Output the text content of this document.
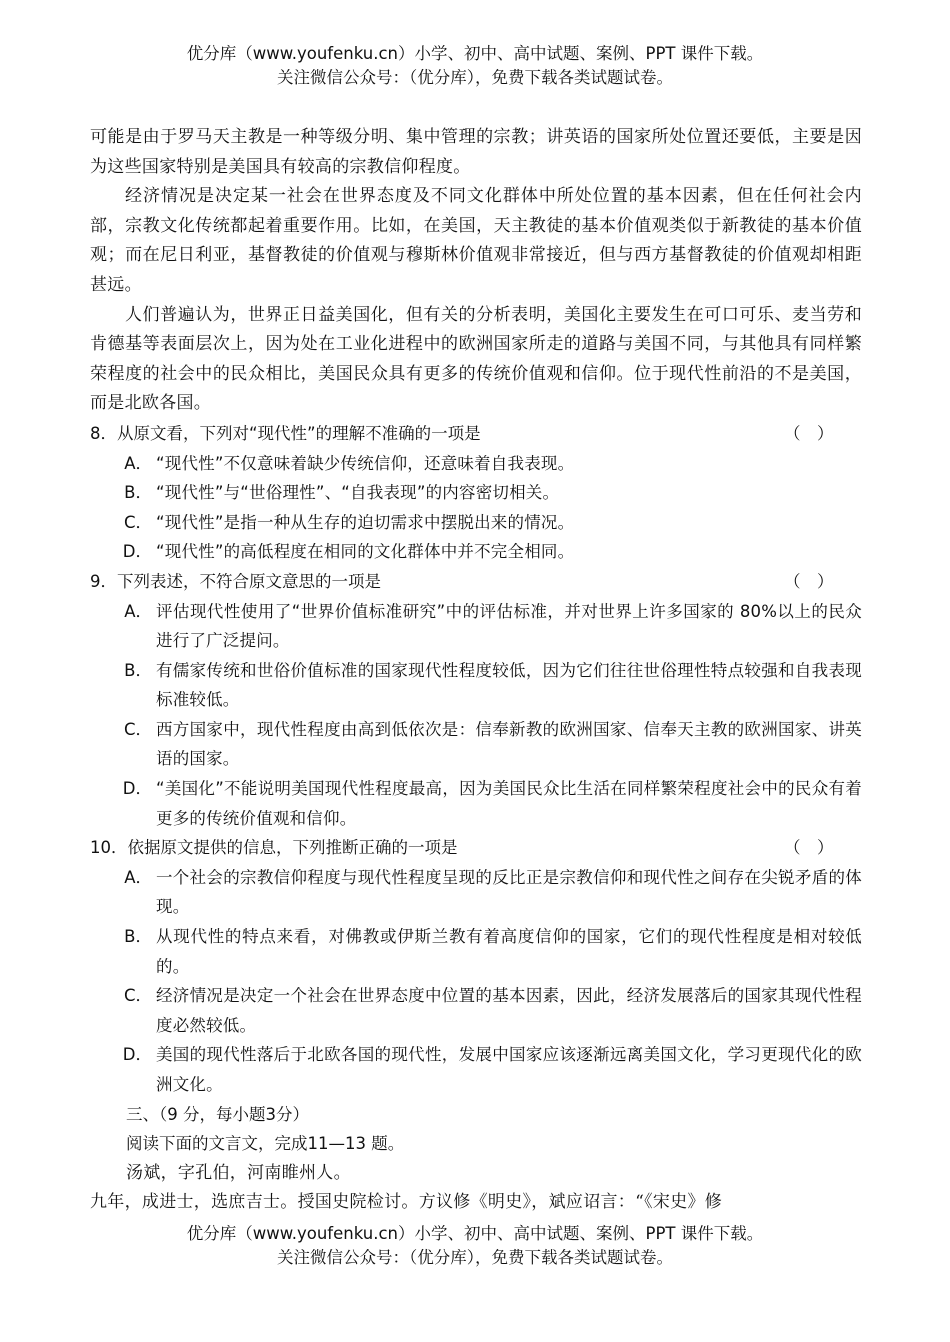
优分库（www.youfenku.cn）小学、初中、高中试题、案例、PPT 课件下载。
关注微信公众号：（优分库），免费下载各类试题试卷。

可能是由于罗马天主教是一种等级分明、集中管理的宗教；讲英语的国家所处位置还要低，主要是因为这些国家特别是美国具有较高的宗教信仰程度。

经济情况是决定某一社会在世界态度及不同文化群体中所处位置的基本因素，但在任何社会内部，宗教文化传统都起着重要作用。比如，在美国，天主教徒的基本价值观类似于新教徒的基本价值观；而在尼日利亚，基督教徒的价值观与穆斯林价值观非常接近，但与西方基督教徒的价值观却相距甚远。

人们普遍认为，世界正日益美国化，但有关的分析表明，美国化主要发生在可口可乐、麦当劳和肯德基等表面层次上，因为处在工业化进程中的欧洲国家所走的道路与美国不同，与其他具有同样繁荣程度的社会中的民众相比，美国民众具有更多的传统价值观和信仰。位于现代性前沿的不是美国，而是北欧各国。

8．从原文看，下列对“现代性”的理解不准确的一项是	（　）
A． “现代性”不仅意味着缺少传统信仰，还意味着自我表现。
B． “现代性”与“世俗理性”、“自我表现”的内容密切相关。
C． “现代性”是指一种从生存的迫切需求中摆脱出来的情况。
D． “现代性”的高低程度在相同的文化群体中并不完全相同。
9．下列表述，不符合原文意思的一项是	（　）
A． 评估现代性使用了“世界价值标准研究”中的评估标准，并对世界上许多国家的 80%以上的民众进行了广泛提问。
B． 有儒家传统和世俗价值标准的国家现代性程度较低，因为它们往往世俗理性特点较强和自我表现标准较低。
C． 西方国家中，现代性程度由高到低依次是：信奉新教的欧洲国家、信奉天主教的欧洲国家、讲英语的国家。
D． “美国化”不能说明美国现代性程度最高，因为美国民众比生活在同样繁荣程度社会中的民众有着更多的传统价值观和信仰。
10．依据原文提供的信息，下列推断正确的一项是	（　）
A． 一个社会的宗教信仰程度与现代性程度呈现的反比正是宗教信仰和现代性之间存在尖锐矛盾的体现。
B． 从现代性的特点来看，对佛教或伊斯兰教有着高度信仰的国家，它们的现代性程度是相对较低的。
C． 经济情况是决定一个社会在世界态度中位置的基本因素，因此，经济发展落后的国家其现代性程度必然较低。
D． 美国的现代性落后于北欧各国的现代性，发展中国家应该逐渐远离美国文化，学习更现代化的欧洲文化。
三、（9 分，每小题3分）
阅读下面的文言文，完成11—13 题。

汤斌，字孔伯，河南睢州人。

九年，成进士，选庶吉士。授国史院检讨。方议修《明史》，斌应诏言：“《宋史》修

优分库（www.youfenku.cn）小学、初中、高中试题、案例、PPT 课件下载。
关注微信公众号：（优分库），免费下载各类试题试卷。
